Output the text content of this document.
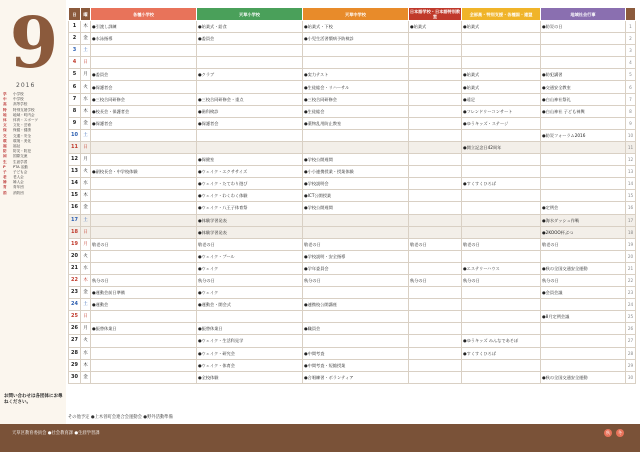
9
2016
学	小学校
中	中学校
高	高等学校
特	特別支援学校
地	地域・町内会
体	体育・スポーツ
文	文化・芸術
保	保健・健康
交	交通・安全
環	環境・美化
福	福祉
防	防災・防犯
国	国際交流
生	生涯学習
P	PTA 活動
子	子ども会
老	老人会
婦	婦人会
青	青年団
消	消防団
お問い合わせは各団体にお尋ねください。
日	曜	各種小学校	天草小学校	天草中学校	日本語学校・日本語特別教室	全部高・特別支援・各種国・連盟	地域社会行事	
1	木	●引渡し訓練	●始業式・給食	●始業式・下校	●始業式	●始業式	●防災の日	1
2	金	●水泳指導	●委員会	●小児生活習慣病予防検診				2
3	土							3
4	日							4
5	月	●委員会	●クラブ	●実力テスト		●始業式	●防犯講習	5
6	火	●保護者会		●生徒総会・リハーサル		●始業式	●交通安全教室	6
7	水	●三校合同研修会	●三校合同研修会・重点	●三校合同研修会		●遠足	●白山神社祭礼	7
8	木	●校長会・保護者会	●歯科検診	●生徒総会		●フレンドリーコンサート	●白山神社 子ども神輿	8
9	金	●保護者会	●保護者会	●薬物乱用防止教室		●ゆうキッズ・ステージ		9
10	土						●防災フォーラム2016	10
11	日					●開立記念日42周年		11
12	月		●保健室	●学校公開週間				12
13	火	●副校長会・中学校体験	●ウェイク・エクササイズ	●小小連携授業・授業体験				13
14	水		●ウェイク・たてわり遊び	●学校説明会		●すくすくひろば		14
15	木		●ウェイク・わくわく体験	●ICT公開授業				15
16	金		●ウェイク・八王子体育祭	●学校公開週間			●定例会	16
17	土		●体験学習発表				●海水ダッシュ作戦	17
18	日		●体験学習発表				●2KOOO杯ぷつ	18
19	月	敬老の日	敬老の日	敬老の日	敬老の日	敬老の日	敬老の日	19
20	火		●ウェイク・プール	●学校説明・安全指導				20
21	水		●ウェイク	●学年委員会		●エステリーハウス	●秋の全国交通安全運動	21
22	木	秋分の日	秋分の日	秋分の日	秋分の日	秋分の日	秋分の日	22
23	金	●運動会前日準備	●ウェイク				●会員会議	23
24	土	●運動会	●運動会・開会式	●連携校公開講座				24
25	日						●8月定例会議	25
26	月	●振替休業日	●振替休業日	●職員会				26
27	火		●ウェイク・生活科見学			●ゆうキッズ みんなであそぼ		27
28	水		●ウェイク・研究会	●中間考査		●すくすくひろば		28
29	木		●ウェイク・体育会	●中間考査・短縮授業				29
30	金		●全校体験	●合唱練習・ボランティア			●秋の全国交通安全運動	30
その他予定 ●上木曽町会連合会運動会 ●野外活動準備
天草区教育委員会 ●社会教育課 ●生涯学習課	秋	冬
